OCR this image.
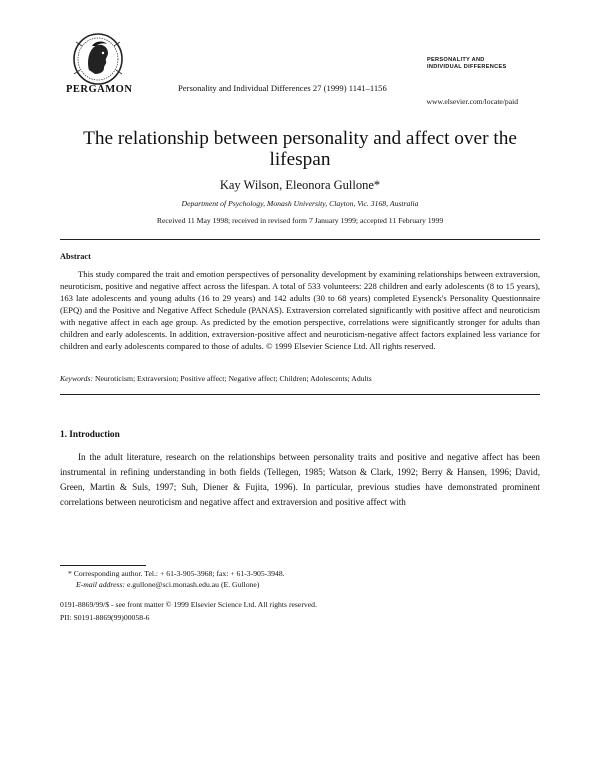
PERGAMON	Personality and Individual Differences 27 (1999) 1141–1156
PERSONALITY AND
INDIVIDUAL DIFFERENCES
www.elsevier.com/locate/paid
The relationship between personality and affect over the lifespan
Kay Wilson, Eleonora Gullone*
Department of Psychology, Monash University, Clayton, Vic. 3168, Australia
Received 11 May 1998; received in revised form 7 January 1999; accepted 11 February 1999
Abstract
This study compared the trait and emotion perspectives of personality development by examining relationships between extraversion, neuroticism, positive and negative affect across the lifespan. A total of 533 volunteers: 228 children and early adolescents (8 to 15 years), 163 late adolescents and young adults (16 to 29 years) and 142 adults (30 to 68 years) completed Eysenck's Personality Questionnaire (EPQ) and the Positive and Negative Affect Schedule (PANAS). Extraversion correlated significantly with positive affect and neuroticism with negative affect in each age group. As predicted by the emotion perspective, correlations were significantly stronger for adults than children and early adolescents. In addition, extraversion-positive affect and neuroticism-negative affect factors explained less variance for children and early adolescents compared to those of adults. © 1999 Elsevier Science Ltd. All rights reserved.
Keywords: Neuroticism; Extraversion; Positive affect; Negative affect; Children; Adolescents; Adults
1. Introduction
In the adult literature, research on the relationships between personality traits and positive and negative affect has been instrumental in refining understanding in both fields (Tellegen, 1985; Watson & Clark, 1992; Berry & Hansen, 1996; David, Green, Martin & Suls, 1997; Suh, Diener & Fujita, 1996). In particular, previous studies have demonstrated prominent correlations between neuroticism and negative affect and extraversion and positive affect with
* Corresponding author. Tel.: + 61-3-905-3968; fax: + 61-3-905-3948.
E-mail address: e.gullone@sci.monash.edu.au (E. Gullone)
0191-8869/99/$ - see front matter © 1999 Elsevier Science Ltd. All rights reserved.
PII: S0191-8869(99)00058-6
